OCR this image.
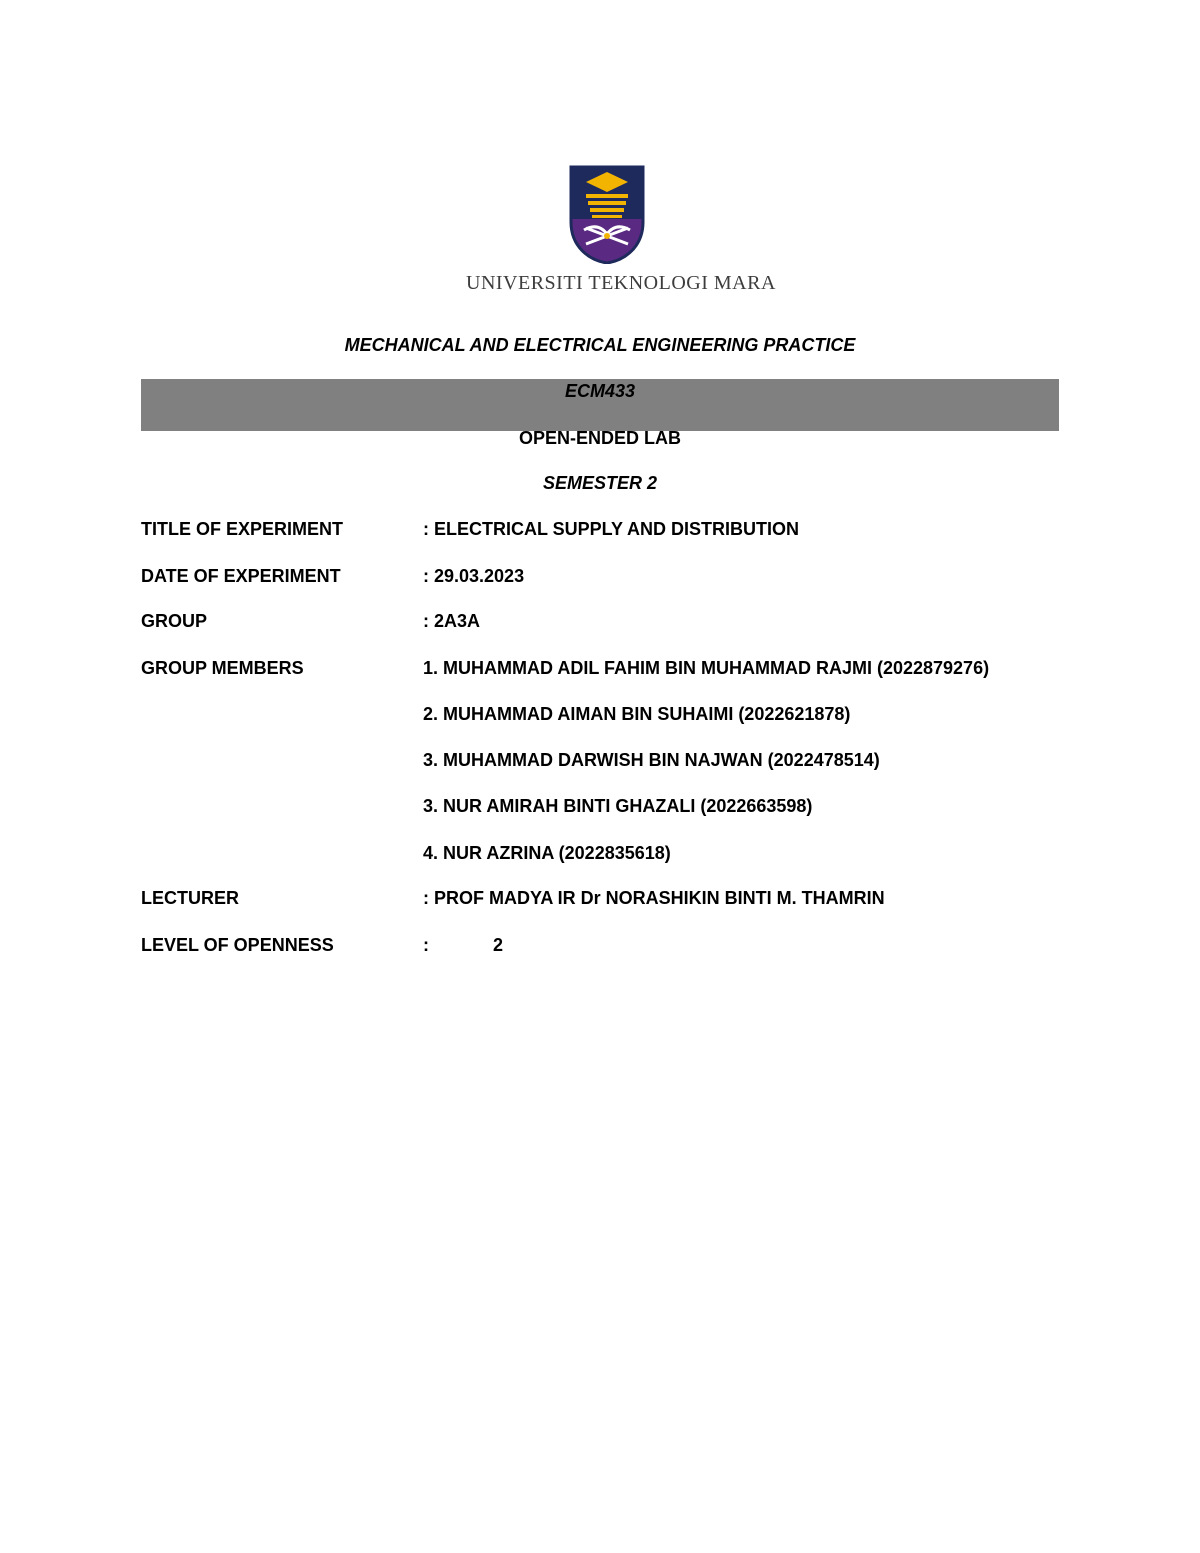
UNIVERSITI TEKNOLOGI MARA
MECHANICAL AND ELECTRICAL ENGINEERING PRACTICE
ECM433
OPEN-ENDED LAB
SEMESTER 2
TITLE OF EXPERIMENT	: ELECTRICAL SUPPLY AND DISTRIBUTION
DATE OF EXPERIMENT	: 29.03.2023
GROUP	: 2A3A
GROUP MEMBERS	1. MUHAMMAD ADIL FAHIM BIN MUHAMMAD RAJMI (2022879276)
2. MUHAMMAD AIMAN BIN SUHAIMI (2022621878)
3. MUHAMMAD DARWISH BIN NAJWAN (2022478514)
3. NUR AMIRAH BINTI GHAZALI (2022663598)
4. NUR AZRINA (2022835618)
LECTURER	: PROF MADYA IR Dr NORASHIKIN BINTI M. THAMRIN
LEVEL OF OPENNESS	:	2
